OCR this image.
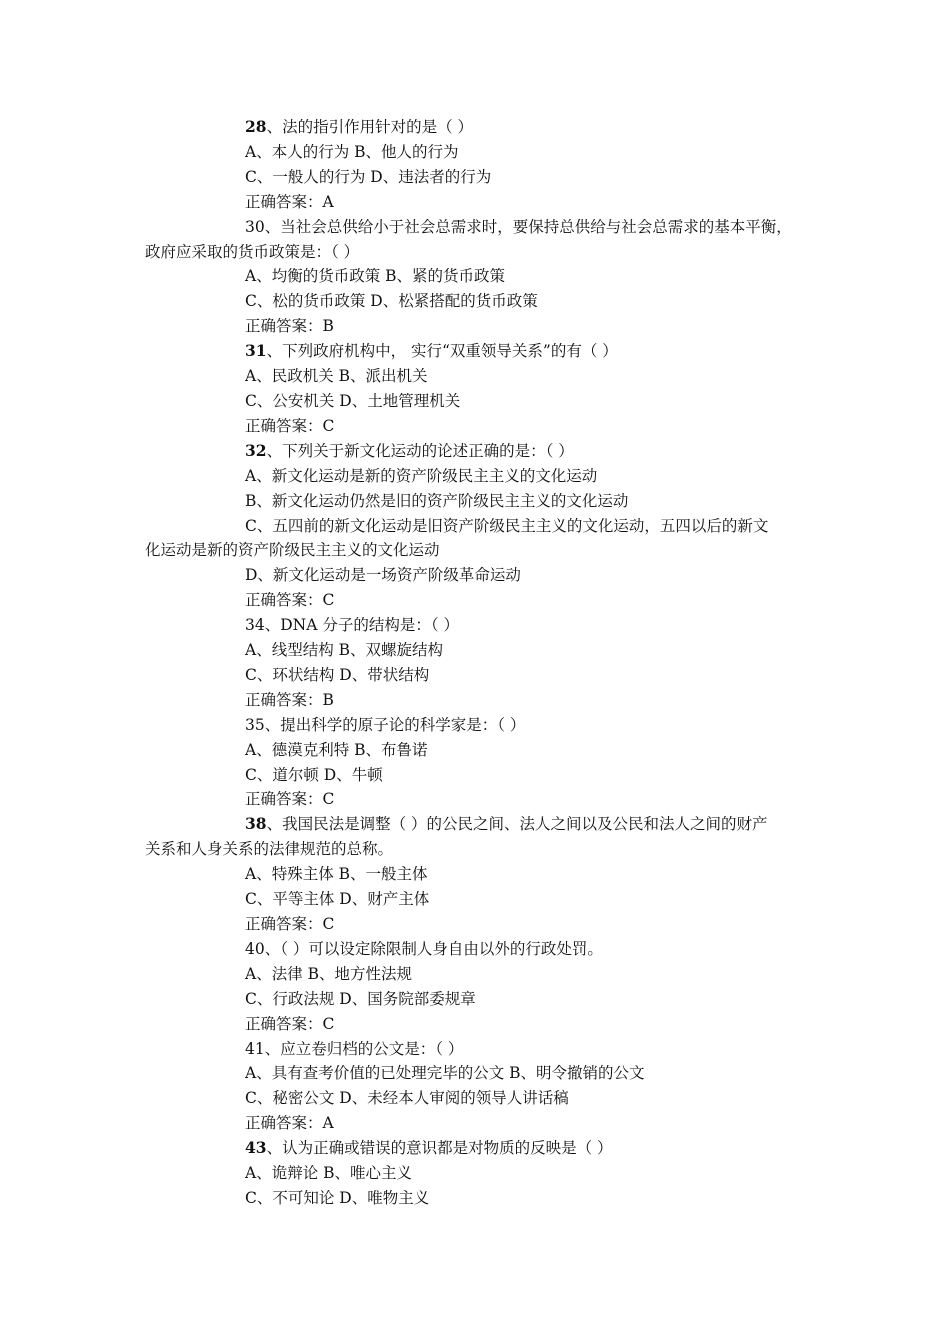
28、法的指引作用针对的是（ ）

A、本人的行为 B、他人的行为

C、一般人的行为 D、违法者的行为

正确答案：A

30、当社会总供给小于社会总需求时，要保持总供给与社会总需求的基本平衡，

政府应采取的货币政策是：（ ）

A、均衡的货币政策 B、紧的货币政策

C、松的货币政策 D、松紧搭配的货币政策

正确答案：B

31、下列政府机构中， 实行“双重领导关系”的有（ ）

A、民政机关 B、派出机关

C、公安机关 D、土地管理机关

正确答案：C

32、下列关于新文化运动的论述正确的是：（ ）

A、新文化运动是新的资产阶级民主主义的文化运动

B、新文化运动仍然是旧的资产阶级民主主义的文化运动

C、五四前的新文化运动是旧资产阶级民主主义的文化运动，五四以后的新文

化运动是新的资产阶级民主主义的文化运动

D、新文化运动是一场资产阶级革命运动

正确答案：C

34、DNA 分子的结构是：（ ）

A、线型结构 B、双螺旋结构

C、环状结构 D、带状结构

正确答案：B

35、提出科学的原子论的科学家是：（ ）

A、德漠克利特 B、布鲁诺

C、道尔顿 D、牛顿

正确答案：C

38、我国民法是调整（ ）的公民之间、法人之间以及公民和法人之间的财产

关系和人身关系的法律规范的总称。

A、特殊主体 B、一般主体

C、平等主体 D、财产主体

正确答案：C

40、（ ）可以设定除限制人身自由以外的行政处罚。

A、法律 B、地方性法规

C、行政法规 D、国务院部委规章

正确答案：C

41、应立卷归档的公文是：（ ）

A、具有查考价值的已处理完毕的公文 B、明令撤销的公文

C、秘密公文 D、未经本人审阅的领导人讲话稿

正确答案：A

43、认为正确或错误的意识都是对物质的反映是（ ）

A、诡辩论 B、唯心主义

C、不可知论 D、唯物主义
